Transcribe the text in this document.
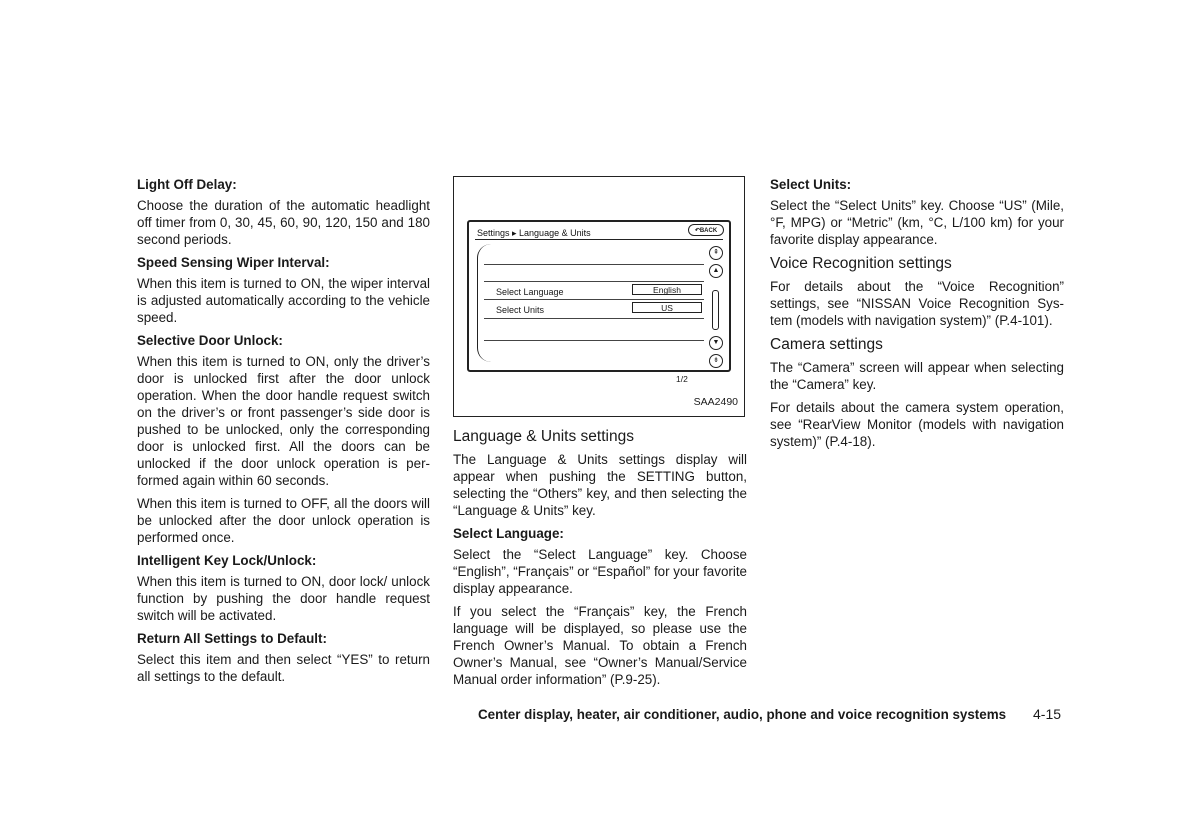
Light Off Delay:

Choose the duration of the automatic headlight off timer from 0, 30, 45, 60, 90, 120, 150 and 180 second periods.

Speed Sensing Wiper Interval:

When this item is turned to ON, the wiper interval is adjusted automatically according to the vehicle speed.

Selective Door Unlock:

When this item is turned to ON, only the driver’s door is unlocked first after the door unlock operation. When the door handle request switch on the driver’s or front passenger’s side door is pushed to be unlocked, only the corresponding door is unlocked first. All the doors can be unlocked if the door unlock operation is per-formed again within 60 seconds.

When this item is turned to OFF, all the doors will be unlocked after the door unlock operation is performed once.

Intelligent Key Lock/Unlock:

When this item is turned to ON, door lock/ unlock function by pushing the door handle request switch will be activated.

Return All Settings to Default:

Select this item and then select “YES” to return all settings to the default.

Settings ▸ Language & Units	↶BACK
Select Language	English
Select Units	US
1/2
⇞
▲
▼
⇟
SAA2490
Language & Units settings

The Language & Units settings display will appear when pushing the SETTING button, selecting the “Others” key, and then selecting the “Language & Units” key.

Select Language:

Select the “Select Language” key. Choose “English”, “Français” or “Español” for your favorite display appearance.

If you select the “Français” key, the French language will be displayed, so please use the French Owner’s Manual. To obtain a French Owner’s Manual, see “Owner’s Manual/Service Manual order information” (P.9-25).

Select Units:

Select the “Select Units” key. Choose “US” (Mile, °F, MPG) or “Metric” (km, °C, L/100 km) for your favorite display appearance.

Voice Recognition settings

For details about the “Voice Recognition” settings, see “NISSAN Voice Recognition Sys-tem (models with navigation system)” (P.4-101).

Camera settings

The “Camera” screen will appear when selecting the “Camera” key.

For details about the camera system operation, see “RearView Monitor (models with navigation system)” (P.4-18).

Center display, heater, air conditioner, audio, phone and voice recognition systems 4-15
